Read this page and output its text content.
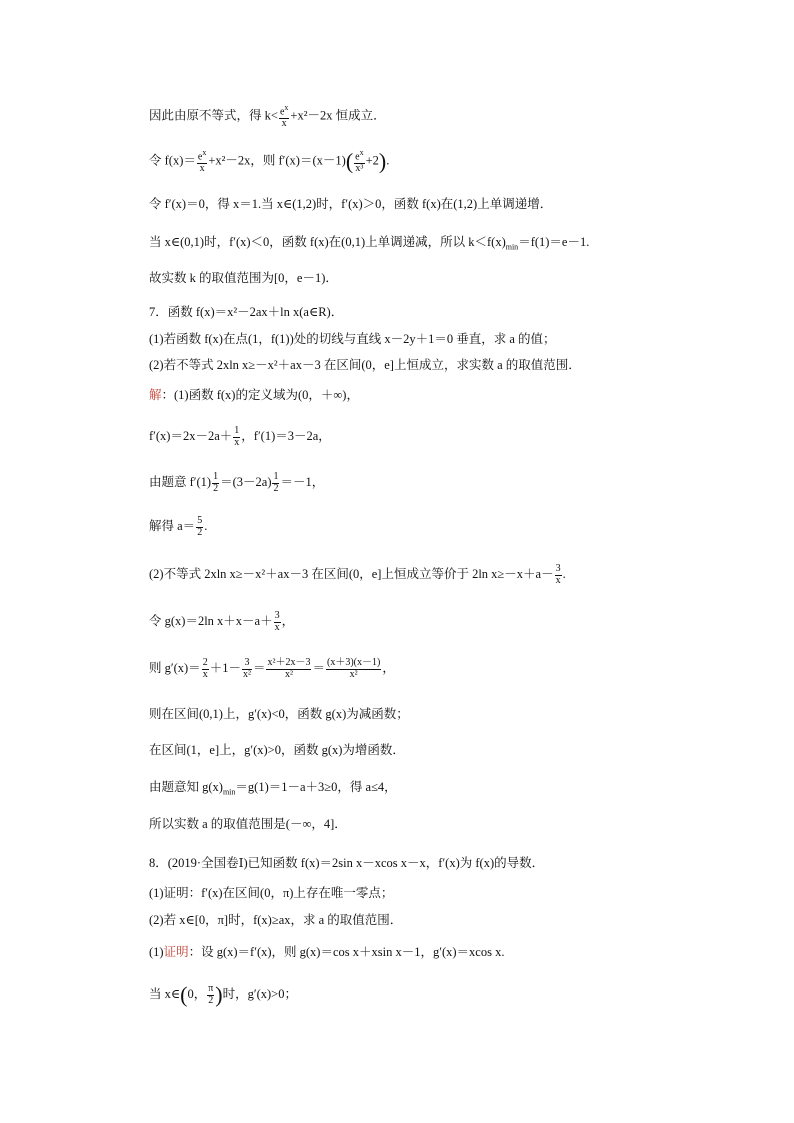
因此由原不等式，得 $k< \frac{e^x}{x} +x^2-2x$ 恒成立．
令 $f(x)= \frac{e^x}{x} +x^2-2x$，则 $f'(x)=(x-1)( \frac{e^x}{\text{x³}} +2)$.
令 f′(x)＝0，得 x＝1.当 x∈(1,2)时，f′(x)＞0，函数 f(x)在(1,2)上单调递增．
当 x∈(0,1)时，f′(x)＜0，函数 f(x)在(0,1)上单调递减，所以 $k<f(x)_{min}=f(1)=e-1$.
故实数 k 的取值范围为[0，e－1)．
7．函数 f(x)＝x²－2ax＋ln x(a∈R)．
(1)若函数 f(x)在点(1，f(1))处的切线与直线 x－2y＋1＝0 垂直，求 a 的值；
(2)若不等式 2xln x≥－x²＋ax－3 在区间(0，e]上恒成立，求实数 a 的取值范围．
解：(1)函数 f(x)的定义域为(0，＋∞)，
$f'(x)=2x-2a+ \frac{1}{x}$ ，f′(1)＝3－2a，
由题意 $f'(1) \frac{1}{2} =(3-2a) \frac{1}{2} =-1$，
解得 $a= \frac{5}{2}$ .
(2)不等式 2xln x≥－x²＋ax－3 在区间(0，e]上恒成立等价于 2ln $x\ge-x+a- \frac{3}{x}$ .
令 g(x)＝2ln $x+x-a+ \frac{3}{x}$ ，
则 $g'(x)= \frac{2}{x} +1- \frac{3}{\text{x²}} = \frac{\text{x²＋2x－3}}{\text{x²}} = \frac{(x+3)(x-1)}{\text{x²}}$ ，
则在区间(0,1)上，g′(x)<0，函数 g(x)为减函数；
在区间(1，e]上，g′(x)>0，函数 g(x)为增函数．
由题意知 $g(x)_{min}=g(1)=1-a+3\ge 0$，得 a≤4，
所以实数 a 的取值范围是(－∞，4]．
8．(2019·全国卷Ⅰ)已知函数 f(x)＝2sin x－xcos x－x，f′(x)为 f(x)的导数．
(1)证明：f′(x)在区间(0，π)上存在唯一零点；
(2)若 x∈[0，π]时，f(x)≥ax，求 a 的取值范围．
(1)证明：设 g(x)＝f′(x)，则 g(x)＝cos x＋xsin x－1，g′(x)＝xcos x.
当 x∈(0， $\frac{\pi}{2}$ )时，g′(x)>0；
